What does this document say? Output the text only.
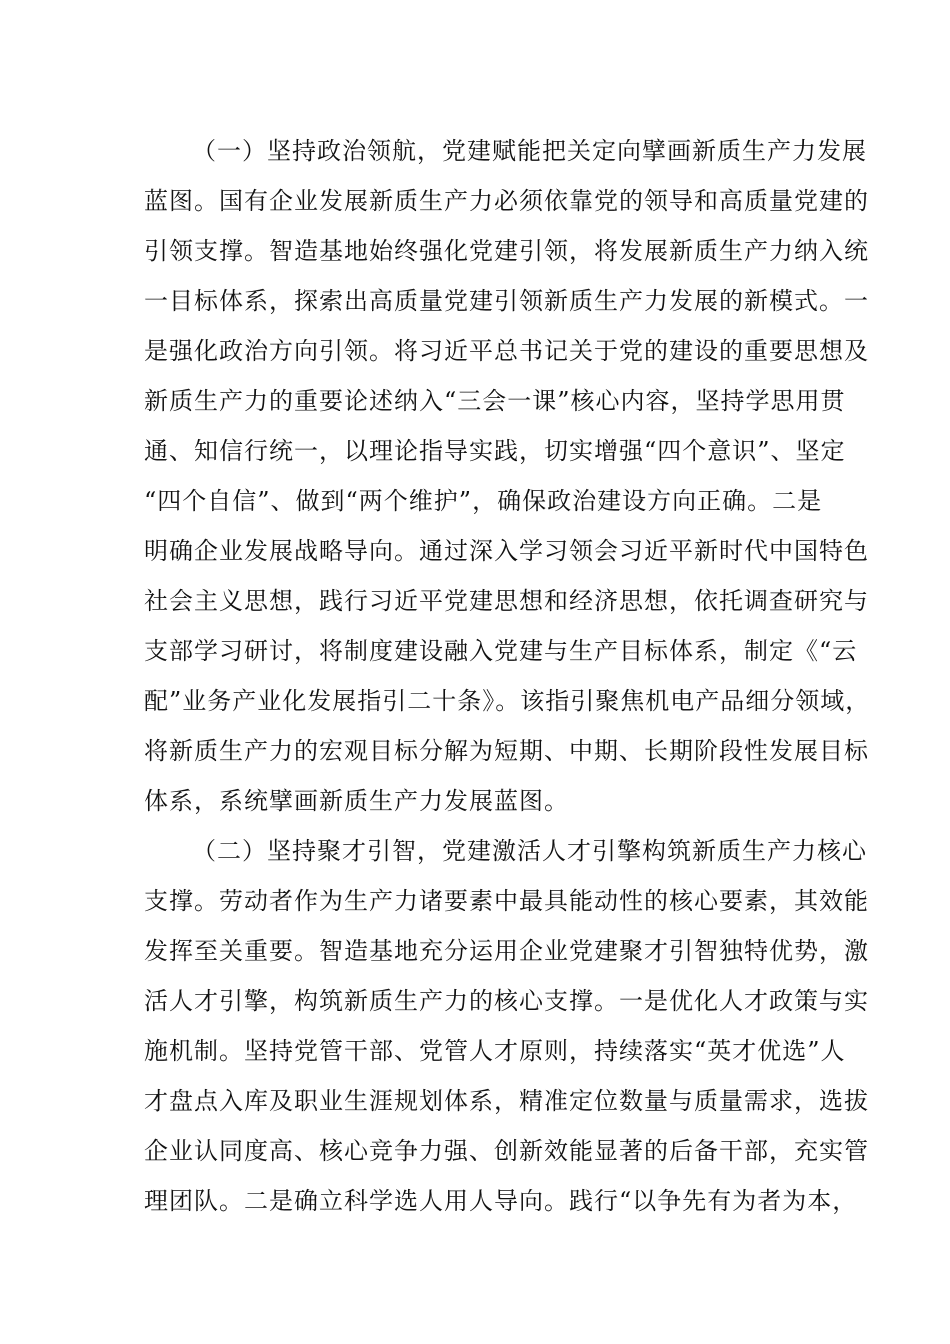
（一）坚持政治领航，党建赋能把关定向擘画新质生产力发展
蓝图。国有企业发展新质生产力必须依靠党的领导和高质量党建的
引领支撑。智造基地始终强化党建引领，将发展新质生产力纳入统
一目标体系，探索出高质量党建引领新质生产力发展的新模式。一
是强化政治方向引领。将习近平总书记关于党的建设的重要思想及
新质生产力的重要论述纳入“三会一课”核心内容，坚持学思用贯
通、知信行统一，以理论指导实践，切实增强“四个意识”、坚定
“四个自信”、做到“两个维护”，确保政治建设方向正确。二是
明确企业发展战略导向。通过深入学习领会习近平新时代中国特色
社会主义思想，践行习近平党建思想和经济思想，依托调查研究与
支部学习研讨，将制度建设融入党建与生产目标体系，制定《“云
配”业务产业化发展指引二十条》。该指引聚焦机电产品细分领域，
将新质生产力的宏观目标分解为短期、中期、长期阶段性发展目标
体系，系统擘画新质生产力发展蓝图。
（二）坚持聚才引智，党建激活人才引擎构筑新质生产力核心
支撑。劳动者作为生产力诸要素中最具能动性的核心要素，其效能
发挥至关重要。智造基地充分运用企业党建聚才引智独特优势，激
活人才引擎，构筑新质生产力的核心支撑。一是优化人才政策与实
施机制。坚持党管干部、党管人才原则，持续落实“英才优选”人
才盘点入库及职业生涯规划体系，精准定位数量与质量需求，选拔
企业认同度高、核心竞争力强、创新效能显著的后备干部，充实管
理团队。二是确立科学选人用人导向。践行“以争先有为者为本，
